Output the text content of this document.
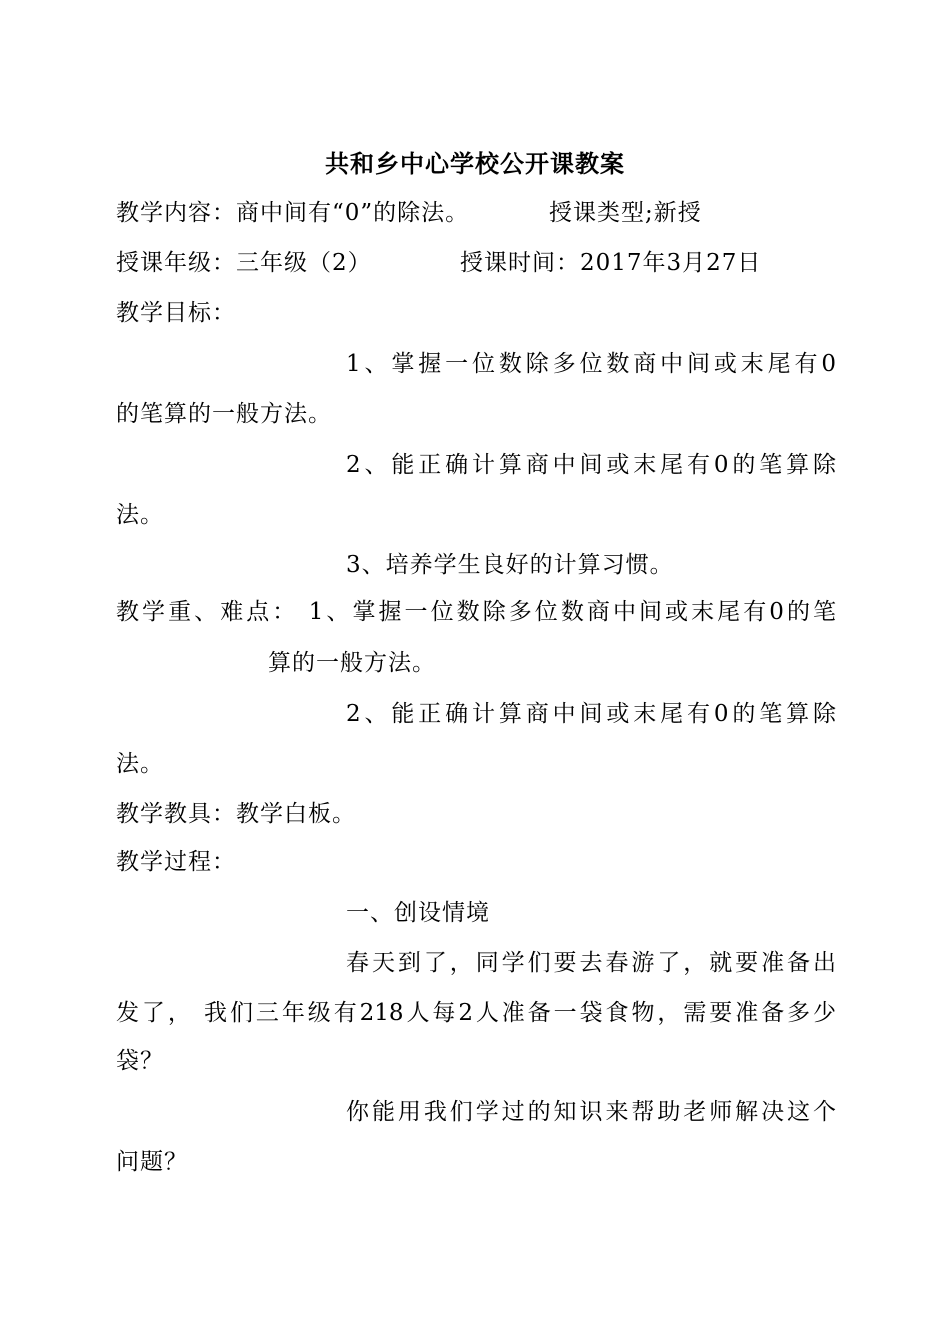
共和乡中心学校公开课教案
教学内容：商中间有“0”的除法。	授课类型;新授
授课年级：三年级（2）	授课时间：2017年3月27日
教学目标：
1、掌握一位数除多位数商中间或末尾有0
的笔算的一般方法。
2、能正确计算商中间或末尾有0的笔算除
法。
3、培养学生良好的计算习惯。
教学重、难点： 1、掌握一位数除多位数商中间或末尾有0的笔
算的一般方法。
2、能正确计算商中间或末尾有0的笔算除
法。
教学教具：教学白板。
教学过程：
一、创设情境
春天到了，同学们要去春游了，就要准备出
发了， 我们三年级有218人每2人准备一袋食物，需要准备多少
袋？
你能用我们学过的知识来帮助老师解决这个
问题？
